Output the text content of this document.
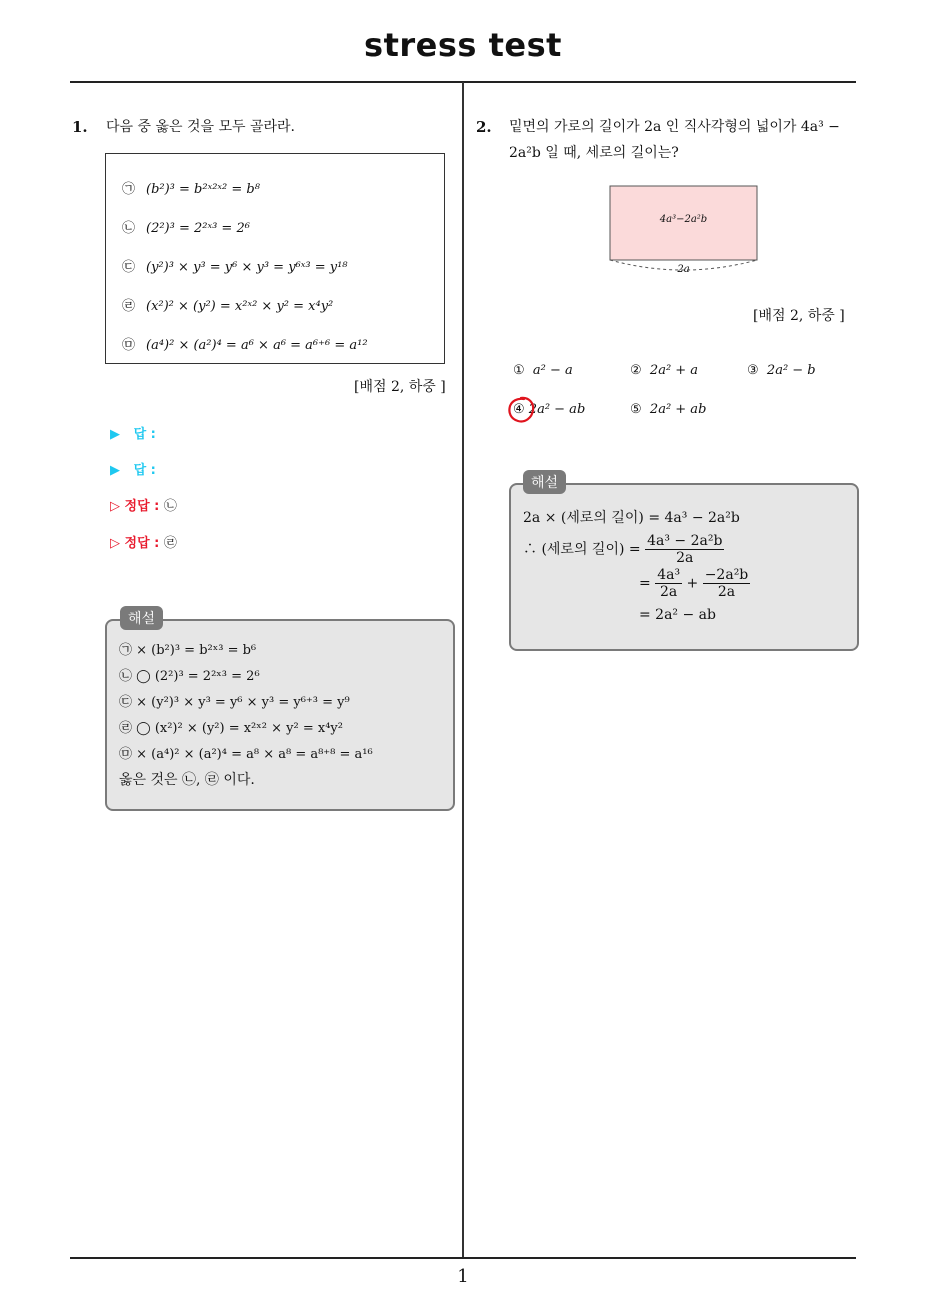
stress test
1. 다음 중 옳은 것을 모두 골라라.
㉠ (b²)³ = b²ˣ²ˣ² = b⁸
㉡ (2²)³ = 2²ˣ³ = 2⁶
㉢ (y²)³ × y³ = y⁶ × y³ = y⁶ˣ³ = y¹⁸
㉣ (x²)² × (y²) = x²ˣ² × y² = x⁴y²
㉤ (a⁴)² × (a²)⁴ = a⁶ × a⁶ = a⁶⁺⁶ = a¹²
[배점 2, 하중 ]
▶ 답 :
▶ 답 :
▷ 정답 : ㉡
▷ 정답 : ㉣
㉠ × (b²)³ = b²ˣ³ = b⁶
㉡ ◯ (2²)³ = 2²ˣ³ = 2⁶
㉢ × (y²)³ × y³ = y⁶ × y³ = y⁶⁺³ = y⁹
㉣ ◯ (x²)² × (y²) = x²ˣ² × y² = x⁴y²
㉤ × (a⁴)² × (a²)⁴ = a⁸ × a⁸ = a⁸⁺⁸ = a¹⁶
옳은 것은 ㉡, ㉣ 이다.
해설
2. 밑면의 가로의 길이가 2a 인 직사각형의 넓이가 4a³ −
2a²b 일 때, 세로의 길이는?
4a³−2a²b
2a
[배점 2, 하중 ]
① a² − a	② 2a² + a	③ 2a² − b
④ 2a² − ab	⑤ 2a² + ab
2a × (세로의 길이) = 4a³ − 2a²b
∴ (세로의 길이) = $\frac{\text{4a³ − 2a²b}}{2a}$
= $\frac{\text{4a³}}{2a} + \frac{\text{−2a²b}}{2a}$
= 2a² − ab
해설
1
